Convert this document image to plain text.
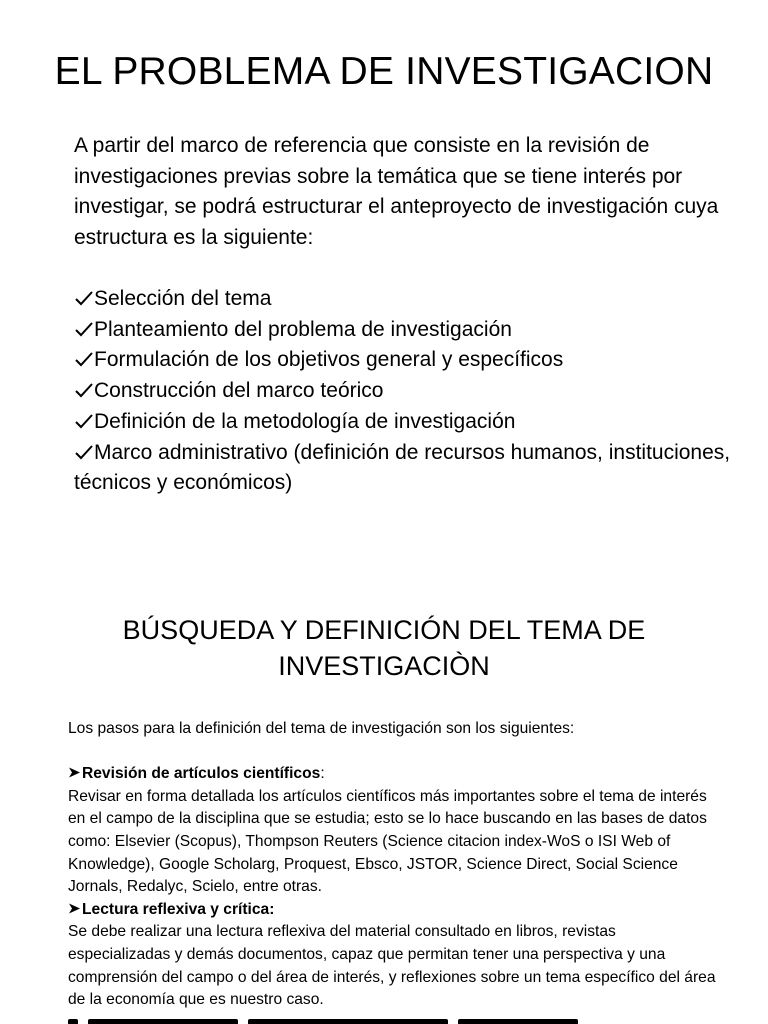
EL PROBLEMA DE INVESTIGACION

A partir del marco de referencia que consiste en la revisión de investigaciones previas sobre la temática que se tiene interés por investigar, se podrá estructurar el anteproyecto de investigación cuya estructura es la siguiente:

Selección del tema
Planteamiento del problema de investigación
Formulación de los objetivos general y específicos
Construcción del marco teórico
Definición de la metodología de investigación
Marco administrativo (definición de recursos humanos, instituciones, técnicos y económicos)
BÚSQUEDA Y DEFINICIÓN DEL TEMA DE
INVESTIGACIÒN

Los pasos para la definición del tema de investigación son los siguientes:

Revisión de artículos científicos:

Revisar en forma detallada los artículos científicos más importantes sobre el tema de interés en el campo de la disciplina que se estudia; esto se lo hace buscando en las bases de datos como: Elsevier (Scopus), Thompson Reuters (Science citacion index-WoS o ISI Web of Knowledge), Google Scholarg, Proquest, Ebsco, JSTOR, Science Direct, Social Science Jornals, Redalyc, Scielo, entre otras.

Lectura reflexiva y crítica:

Se debe realizar una lectura reflexiva del material consultado en libros, revistas especializadas y demás documentos, capaz que permitan tener una perspectiva y una comprensión del campo o del área de interés, y reflexiones sobre un tema específico del área de la economía que es nuestro caso.
